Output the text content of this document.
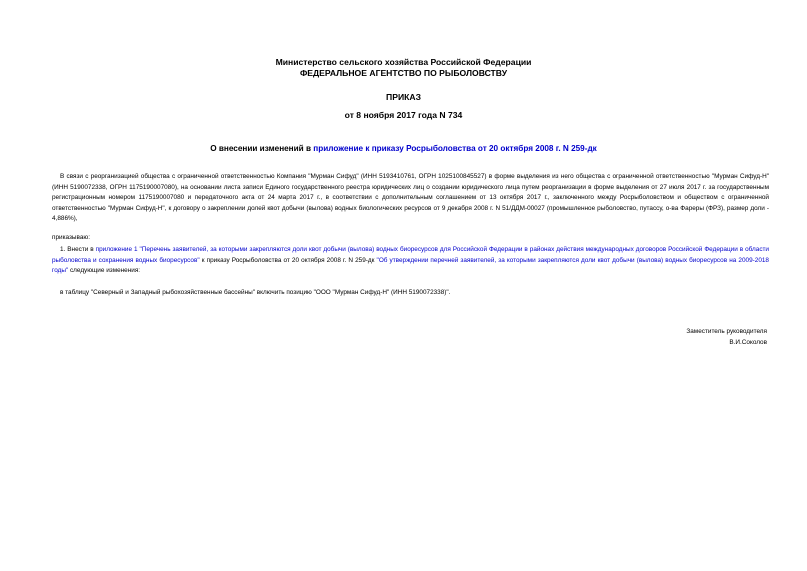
Министерство сельского хозяйства Российской Федерации
ФЕДЕРАЛЬНОЕ АГЕНТСТВО ПО РЫБОЛОВСТВУ
ПРИКАЗ
от 8 ноября 2017 года N 734
О внесении изменений в приложение к приказу Росрыболовства от 20 октября 2008 г. N 259-дк
В связи с реорганизацией общества с ограниченной ответственностью Компания "Мурман Сифуд" (ИНН 5193410761, ОГРН 1025100845527) в форме выделения из него общества с ограниченной ответственностью "Мурман Сифуд-Н" (ИНН 5190072338, ОГРН 1175190007080), на основании листа записи Единого государственного реестра юридических лиц о создании юридического лица путем реорганизации в форме выделения от 27 июля 2017 г. за государственным регистрационным номером 1175190007080 и передаточного акта от 24 марта 2017 г., в соответствии с дополнительным соглашением от 13 октября 2017 г., заключенного между Росрыболовством и обществом с ограниченной ответственностью "Мурман Сифуд-Н", к договору о закреплении долей квот добычи (вылова) водных биологических ресурсов от 9 декабря 2008 г. N 51/ДДМ-00027 (промышленное рыболовство, путассу, о-ва Фареры (ФРЗ), размер доли - 4,886%),
приказываю:
1. Внести в приложение 1 "Перечень заявителей, за которыми закрепляются доли квот добычи (вылова) водных биоресурсов для Российской Федерации в районах действия международных договоров Российской Федерации в области рыболовства и сохранения водных биоресурсов" к приказу Росрыболовства от 20 октября 2008 г. N 259-дк "Об утверждении перечней заявителей, за которыми закрепляются доли квот добычи (вылова) водных биоресурсов на 2009-2018 годы" следующие изменения:
в таблицу "Северный и Западный рыбохозяйственные бассейны" включить позицию "ООО "Мурман Сифуд-Н" (ИНН 5190072338)".
Заместитель руководителя
В.И.Соколов
